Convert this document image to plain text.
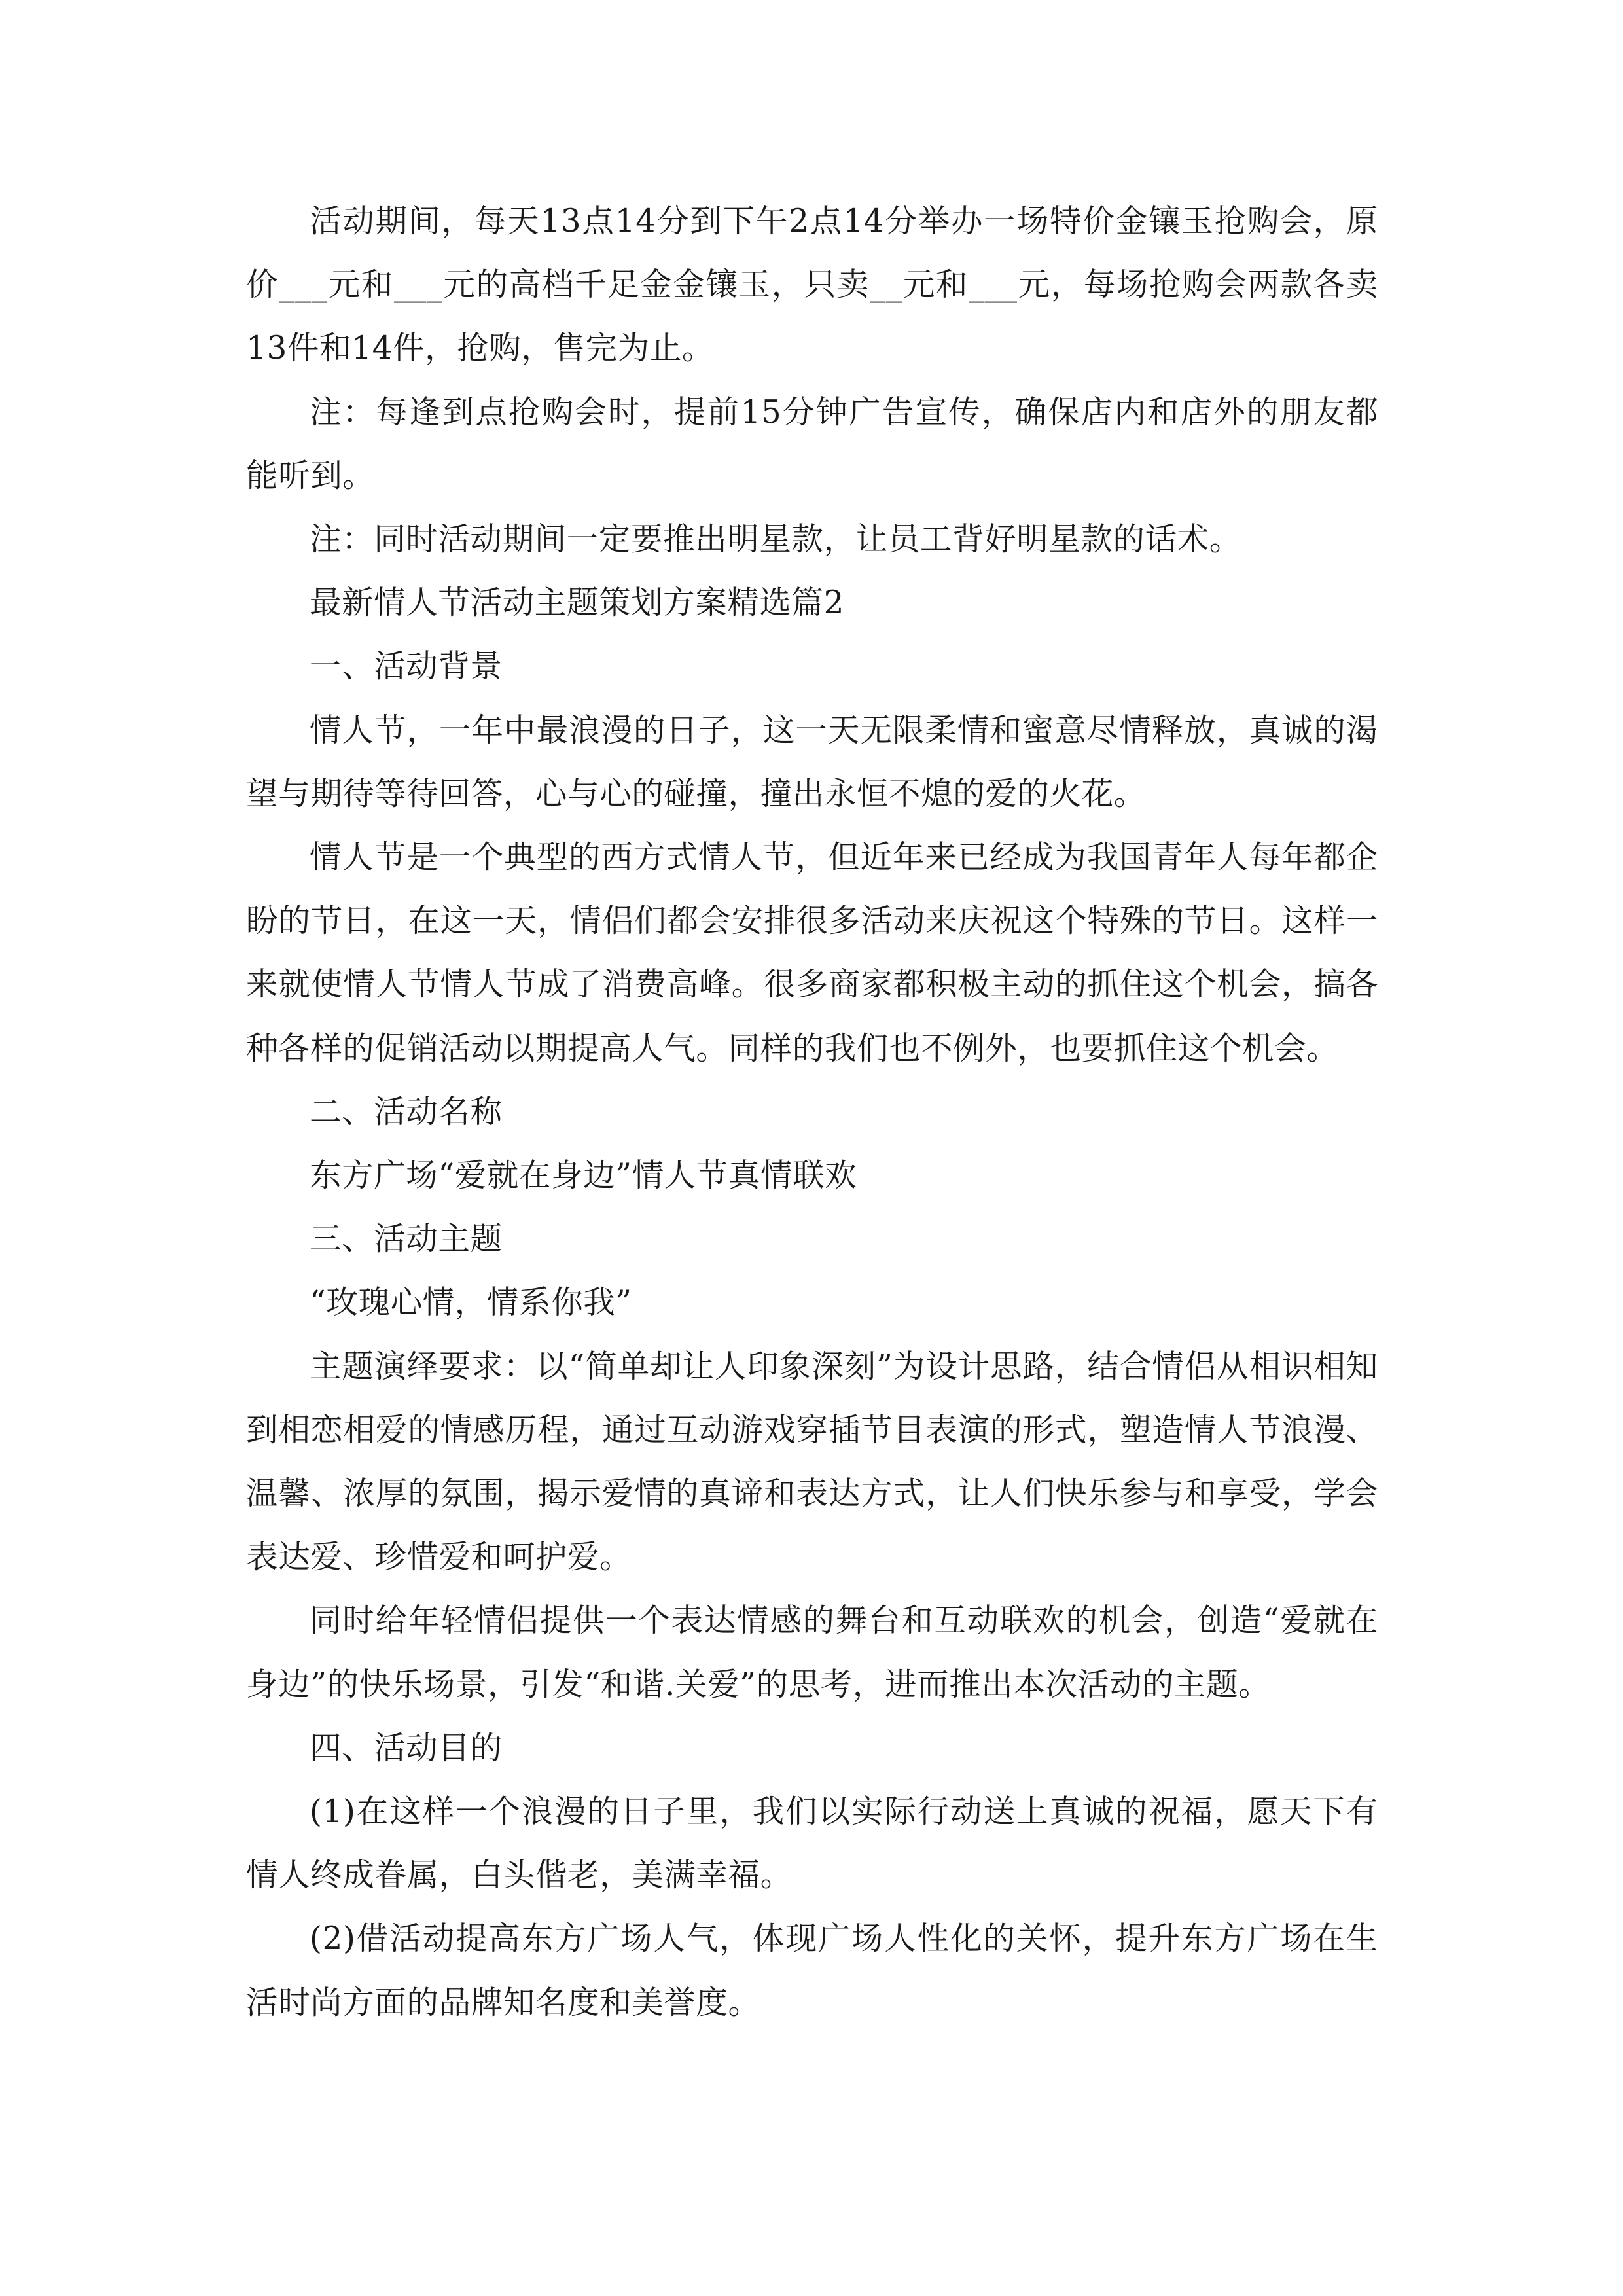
活动期间，每天13点14分到下午2点14分举办一场特价金镶玉抢购会，原价___元和___元的高档千足金金镶玉，只卖__元和___元，每场抢购会两款各卖13件和14件，抢购，售完为止。

注：每逢到点抢购会时，提前15分钟广告宣传，确保店内和店外的朋友都能听到。

注：同时活动期间一定要推出明星款，让员工背好明星款的话术。

最新情人节活动主题策划方案精选篇2

一、活动背景

情人节，一年中最浪漫的日子，这一天无限柔情和蜜意尽情释放，真诚的渴望与期待等待回答，心与心的碰撞，撞出永恒不熄的爱的火花。

情人节是一个典型的西方式情人节，但近年来已经成为我国青年人每年都企盼的节日，在这一天，情侣们都会安排很多活动来庆祝这个特殊的节日。这样一来就使情人节情人节成了消费高峰。很多商家都积极主动的抓住这个机会，搞各种各样的促销活动以期提高人气。同样的我们也不例外，也要抓住这个机会。

二、活动名称

东方广场“爱就在身边”情人节真情联欢

三、活动主题

“玫瑰心情，情系你我”

主题演绎要求：以“简单却让人印象深刻”为设计思路，结合情侣从相识相知到相恋相爱的情感历程，通过互动游戏穿插节目表演的形式，塑造情人节浪漫、温馨、浓厚的氛围，揭示爱情的真谛和表达方式，让人们快乐参与和享受，学会表达爱、珍惜爱和呵护爱。

同时给年轻情侣提供一个表达情感的舞台和互动联欢的机会，创造“爱就在身边”的快乐场景，引发“和谐.关爱”的思考，进而推出本次活动的主题。

四、活动目的

(1)在这样一个浪漫的日子里，我们以实际行动送上真诚的祝福，愿天下有情人终成眷属，白头偕老，美满幸福。

(2)借活动提高东方广场人气，体现广场人性化的关怀，提升东方广场在生活时尚方面的品牌知名度和美誉度。
